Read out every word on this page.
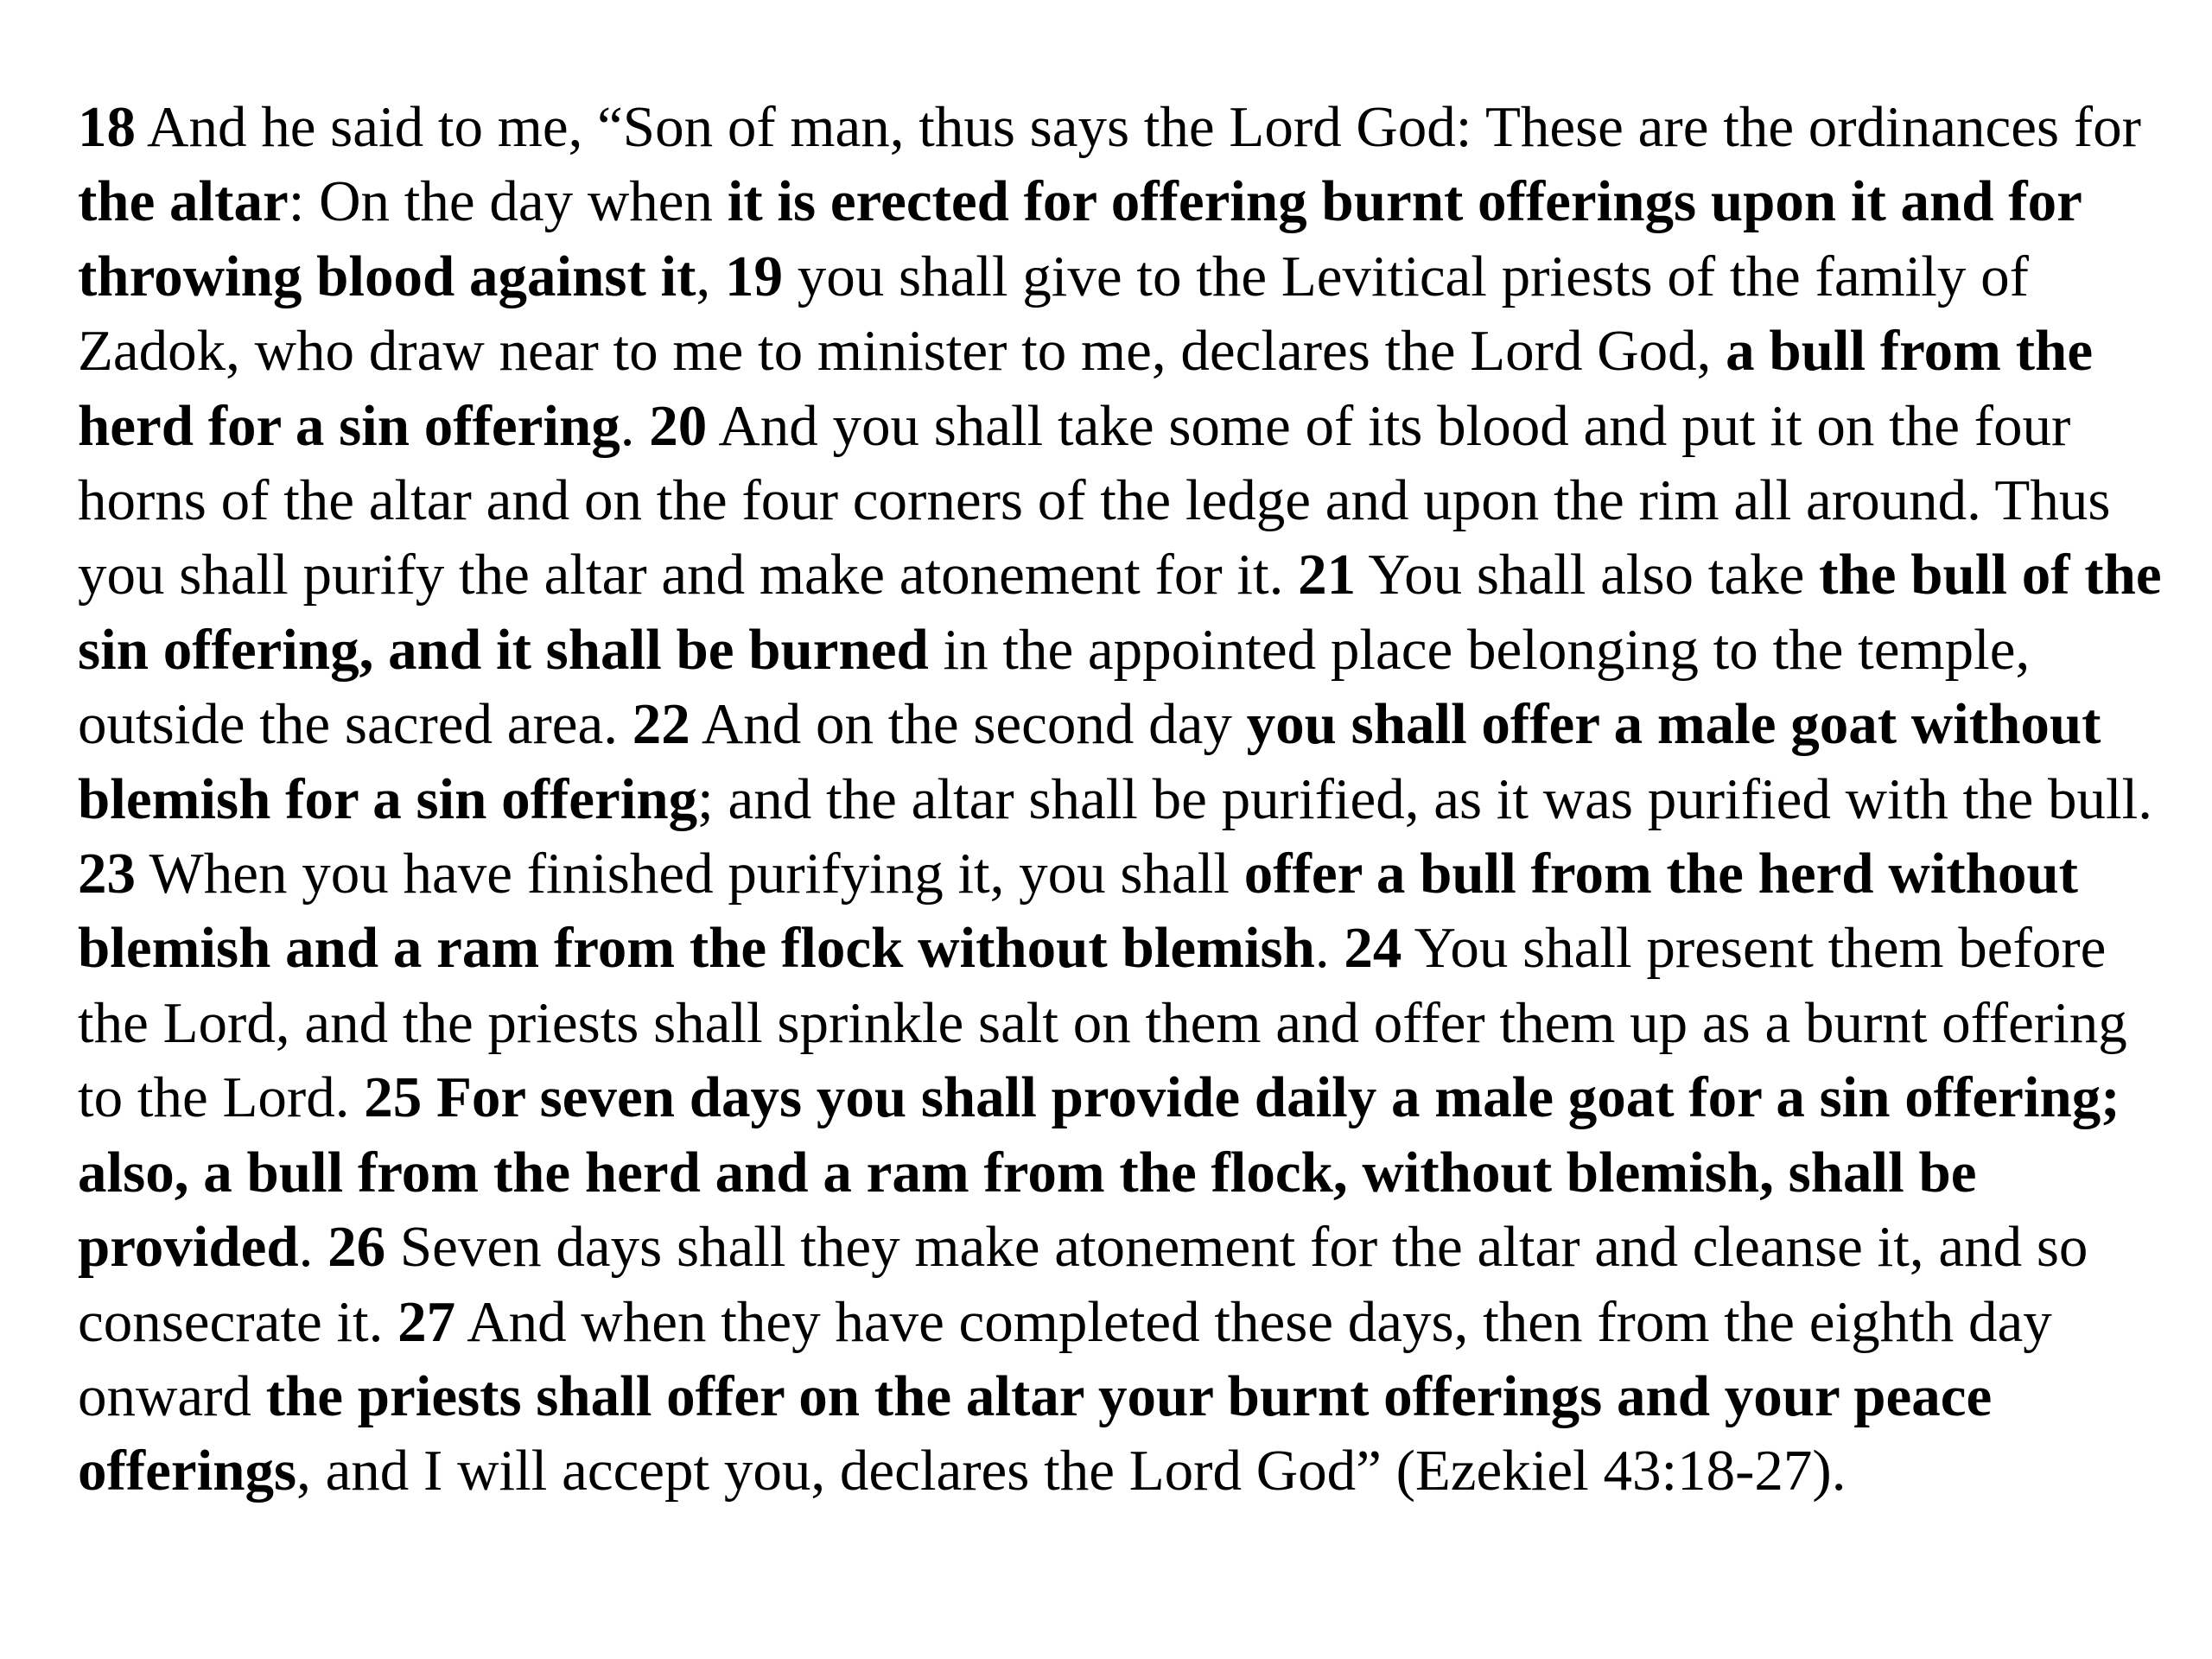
18 And he said to me, “Son of man, thus says the Lord God: These are the ordinances for the altar: On the day when it is erected for offering burnt offerings upon it and for throwing blood against it, 19 you shall give to the Levitical priests of the family of Zadok, who draw near to me to minister to me, declares the Lord God, a bull from the herd for a sin offering. 20 And you shall take some of its blood and put it on the four horns of the altar and on the four corners of the ledge and upon the rim all around. Thus you shall purify the altar and make atonement for it. 21 You shall also take the bull of the sin offering, and it shall be burned in the appointed place belonging to the temple, outside the sacred area. 22 And on the second day you shall offer a male goat without blemish for a sin offering; and the altar shall be purified, as it was purified with the bull.
23 When you have finished purifying it, you shall offer a bull from the herd without blemish and a ram from the flock without blemish. 24 You shall present them before the Lord, and the priests shall sprinkle salt on them and offer them up as a burnt offering to the Lord. 25 For seven days you shall provide daily a male goat for a sin offering; also, a bull from the herd and a ram from the flock, without blemish, shall be provided. 26 Seven days shall they make atonement for the altar and cleanse it, and so consecrate it. 27 And when they have completed these days, then from the eighth day onward the priests shall offer on the altar your burnt offerings and your peace offerings, and I will accept you, declares the Lord God” (Ezekiel 43:18-27).
